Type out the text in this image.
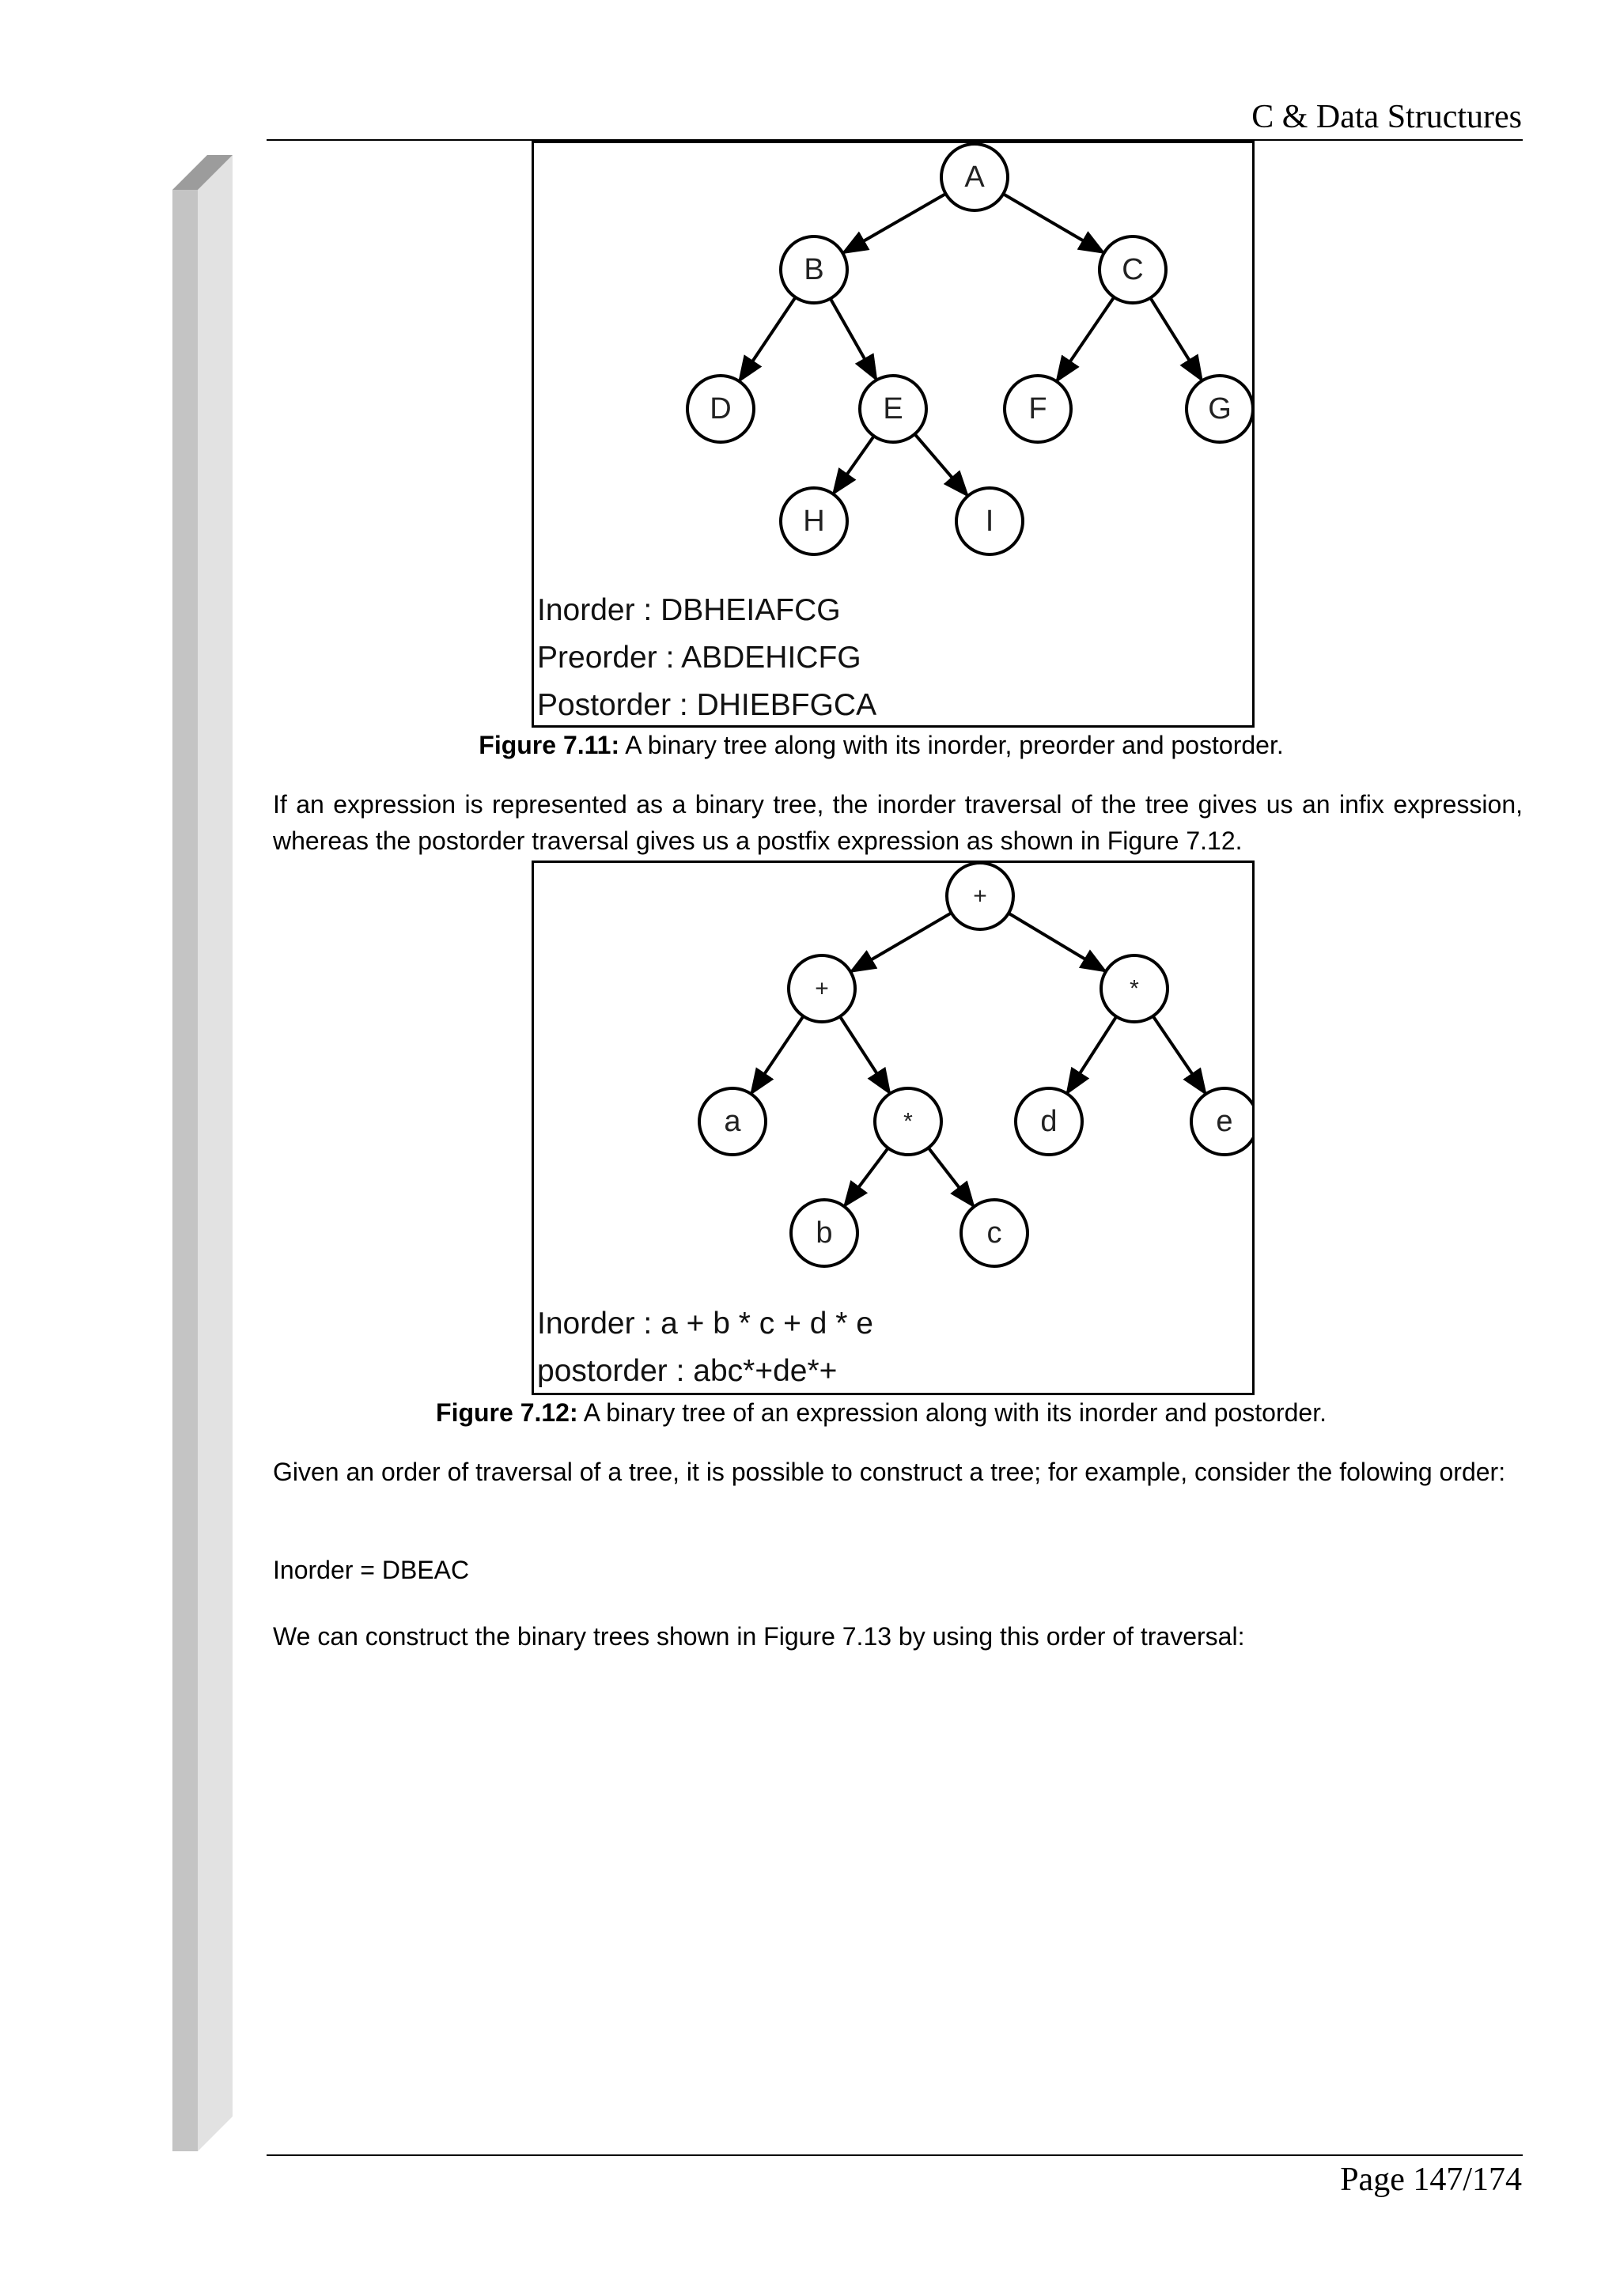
C & Data Structures
A
B	C
D	E	F	G
H	I
Inorder : DBHEIAFCG
Preorder : ABDEHICFG
Postorder : DHIEBFGCA
Figure 7.11: A binary tree along with its inorder, preorder and postorder.
If an expression is represented as a binary tree, the inorder traversal of the tree gives us an infix expression, whereas the postorder traversal gives us a postfix expression as shown in Figure 7.12.
+
+	*
a	*	d	e
b	c
Inorder : a + b * c + d * e
postorder : abc*+de*+
Figure 7.12: A binary tree of an expression along with its inorder and postorder.
Given an order of traversal of a tree, it is possible to construct a tree; for example, consider the folowing order:
Inorder = DBEAC
We can construct the binary trees shown in Figure 7.13 by using this order of traversal:
Page 147/174
